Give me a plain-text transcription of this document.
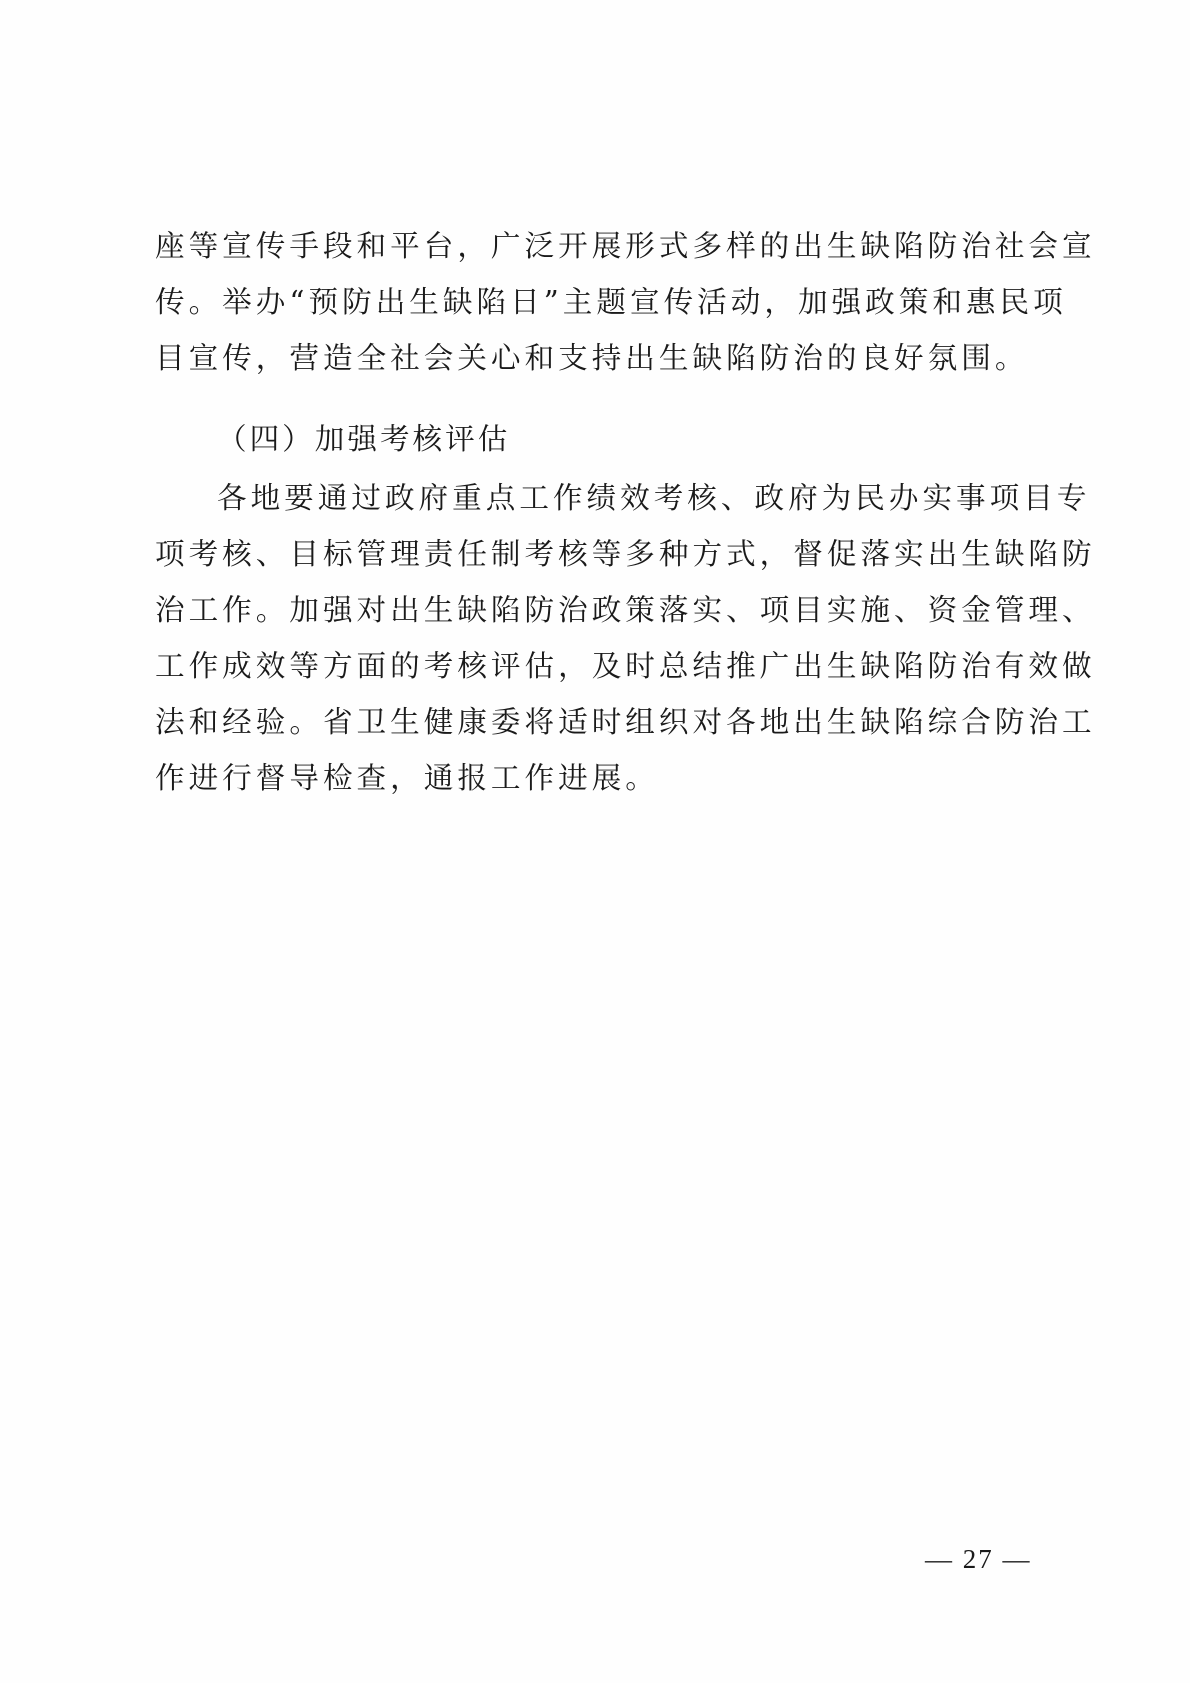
座等宣传手段和平台，广泛开展形式多样的出生缺陷防治社会宣
传。举办“预防出生缺陷日”主题宣传活动，加强政策和惠民项
目宣传，营造全社会关心和支持出生缺陷防治的良好氛围。
（四）加强考核评估
各地要通过政府重点工作绩效考核、政府为民办实事项目专
项考核、目标管理责任制考核等多种方式，督促落实出生缺陷防
治工作。加强对出生缺陷防治政策落实、项目实施、资金管理、
工作成效等方面的考核评估，及时总结推广出生缺陷防治有效做
法和经验。省卫生健康委将适时组织对各地出生缺陷综合防治工
作进行督导检查，通报工作进展。
— 27 —
